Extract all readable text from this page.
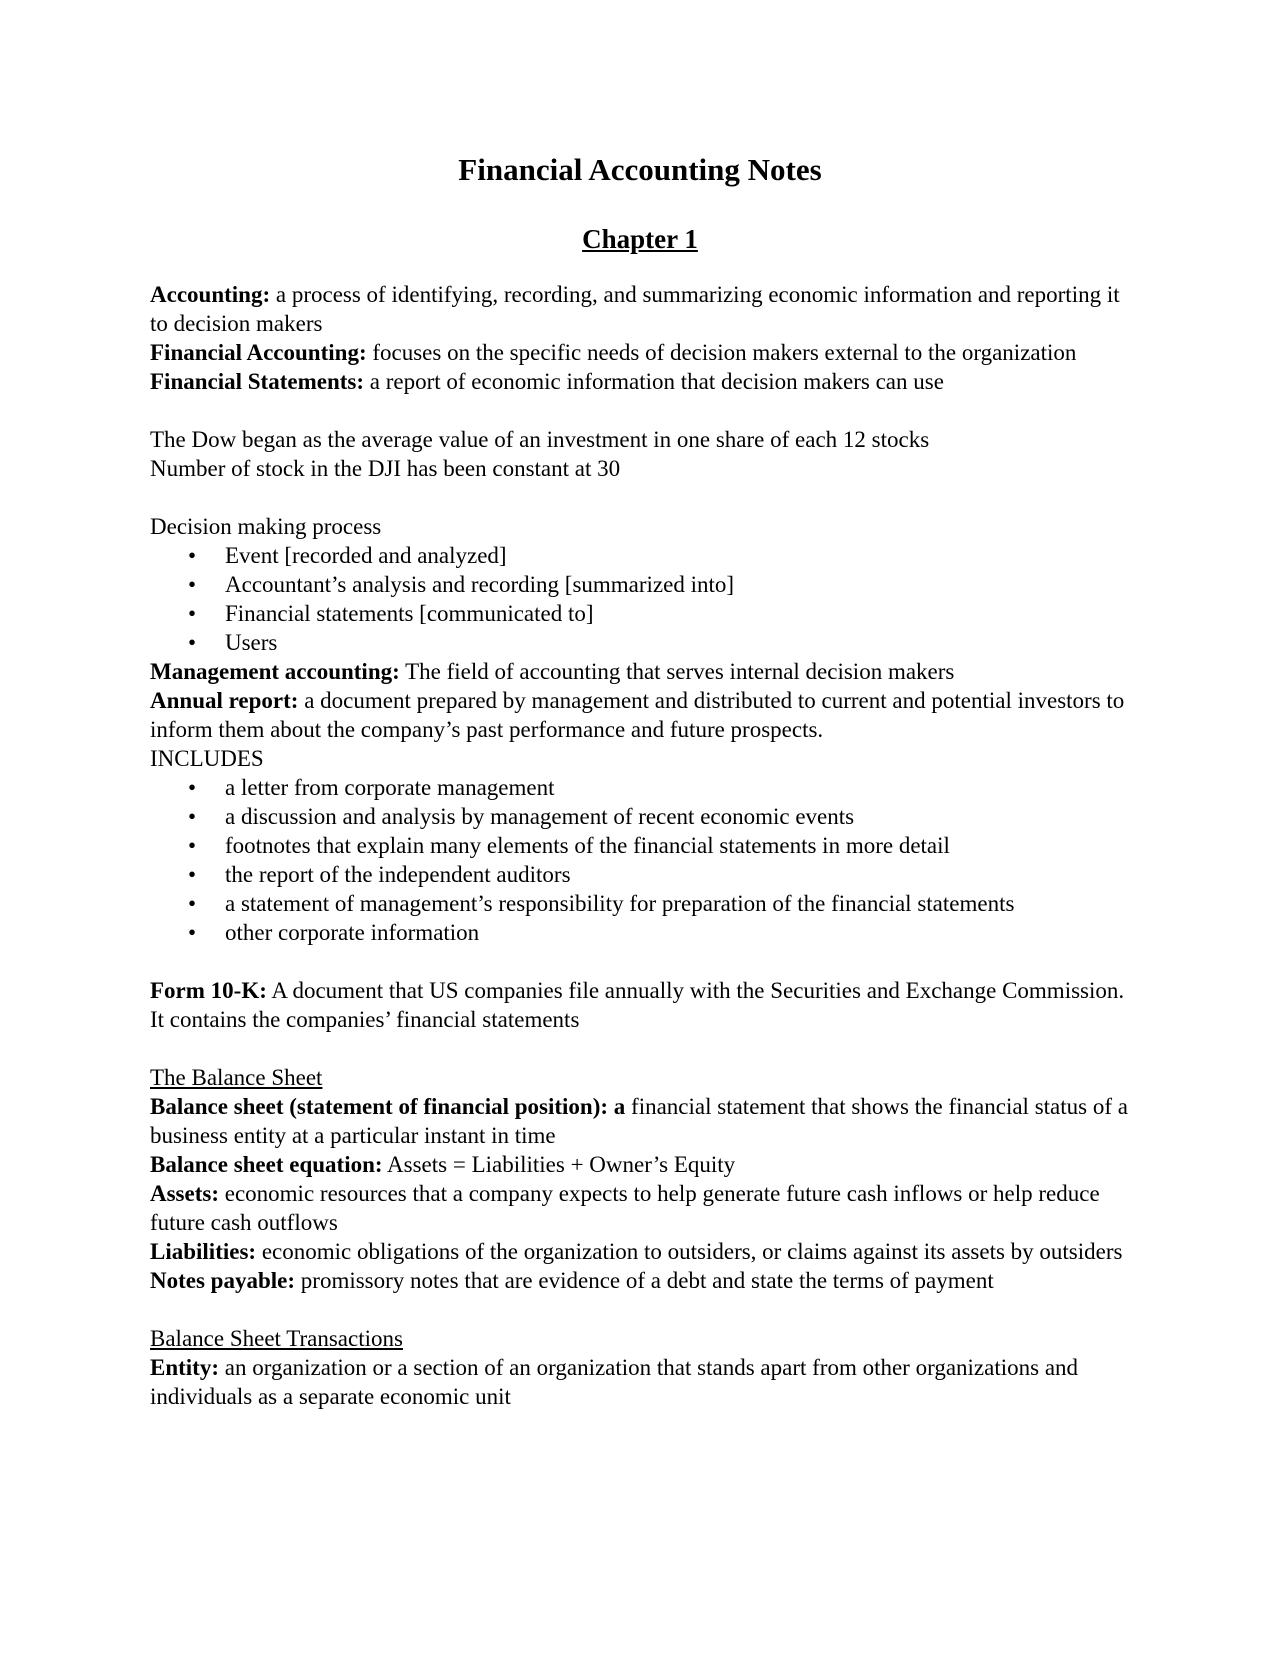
Financial Accounting Notes
Chapter 1

Accounting: a process of identifying, recording, and summarizing economic information and reporting it to decision makers

Financial Accounting: focuses on the specific needs of decision makers external to the organization

Financial Statements: a report of economic information that decision makers can use

The Dow began as the average value of an investment in one share of each 12 stocks

Number of stock in the DJI has been constant at 30

Decision making process

• Event [recorded and analyzed]
• Accountant’s analysis and recording [summarized into]
• Financial statements [communicated to]
• Users

Management accounting: The field of accounting that serves internal decision makers

Annual report: a document prepared by management and distributed to current and potential investors to inform them about the company’s past performance and future prospects.

INCLUDES

• a letter from corporate management
• a discussion and analysis by management of recent economic events
• footnotes that explain many elements of the financial statements in more detail
• the report of the independent auditors
• a statement of management’s responsibility for preparation of the financial statements
• other corporate information

Form 10-K: A document that US companies file annually with the Securities and Exchange Commission. It contains the companies’ financial statements

The Balance Sheet

Balance sheet (statement of financial position): a financial statement that shows the financial status of a business entity at a particular instant in time

Balance sheet equation: Assets = Liabilities + Owner’s Equity

Assets: economic resources that a company expects to help generate future cash inflows or help reduce future cash outflows

Liabilities: economic obligations of the organization to outsiders, or claims against its assets by outsiders

Notes payable: promissory notes that are evidence of a debt and state the terms of payment

Balance Sheet Transactions

Entity: an organization or a section of an organization that stands apart from other organizations and individuals as a separate economic unit
